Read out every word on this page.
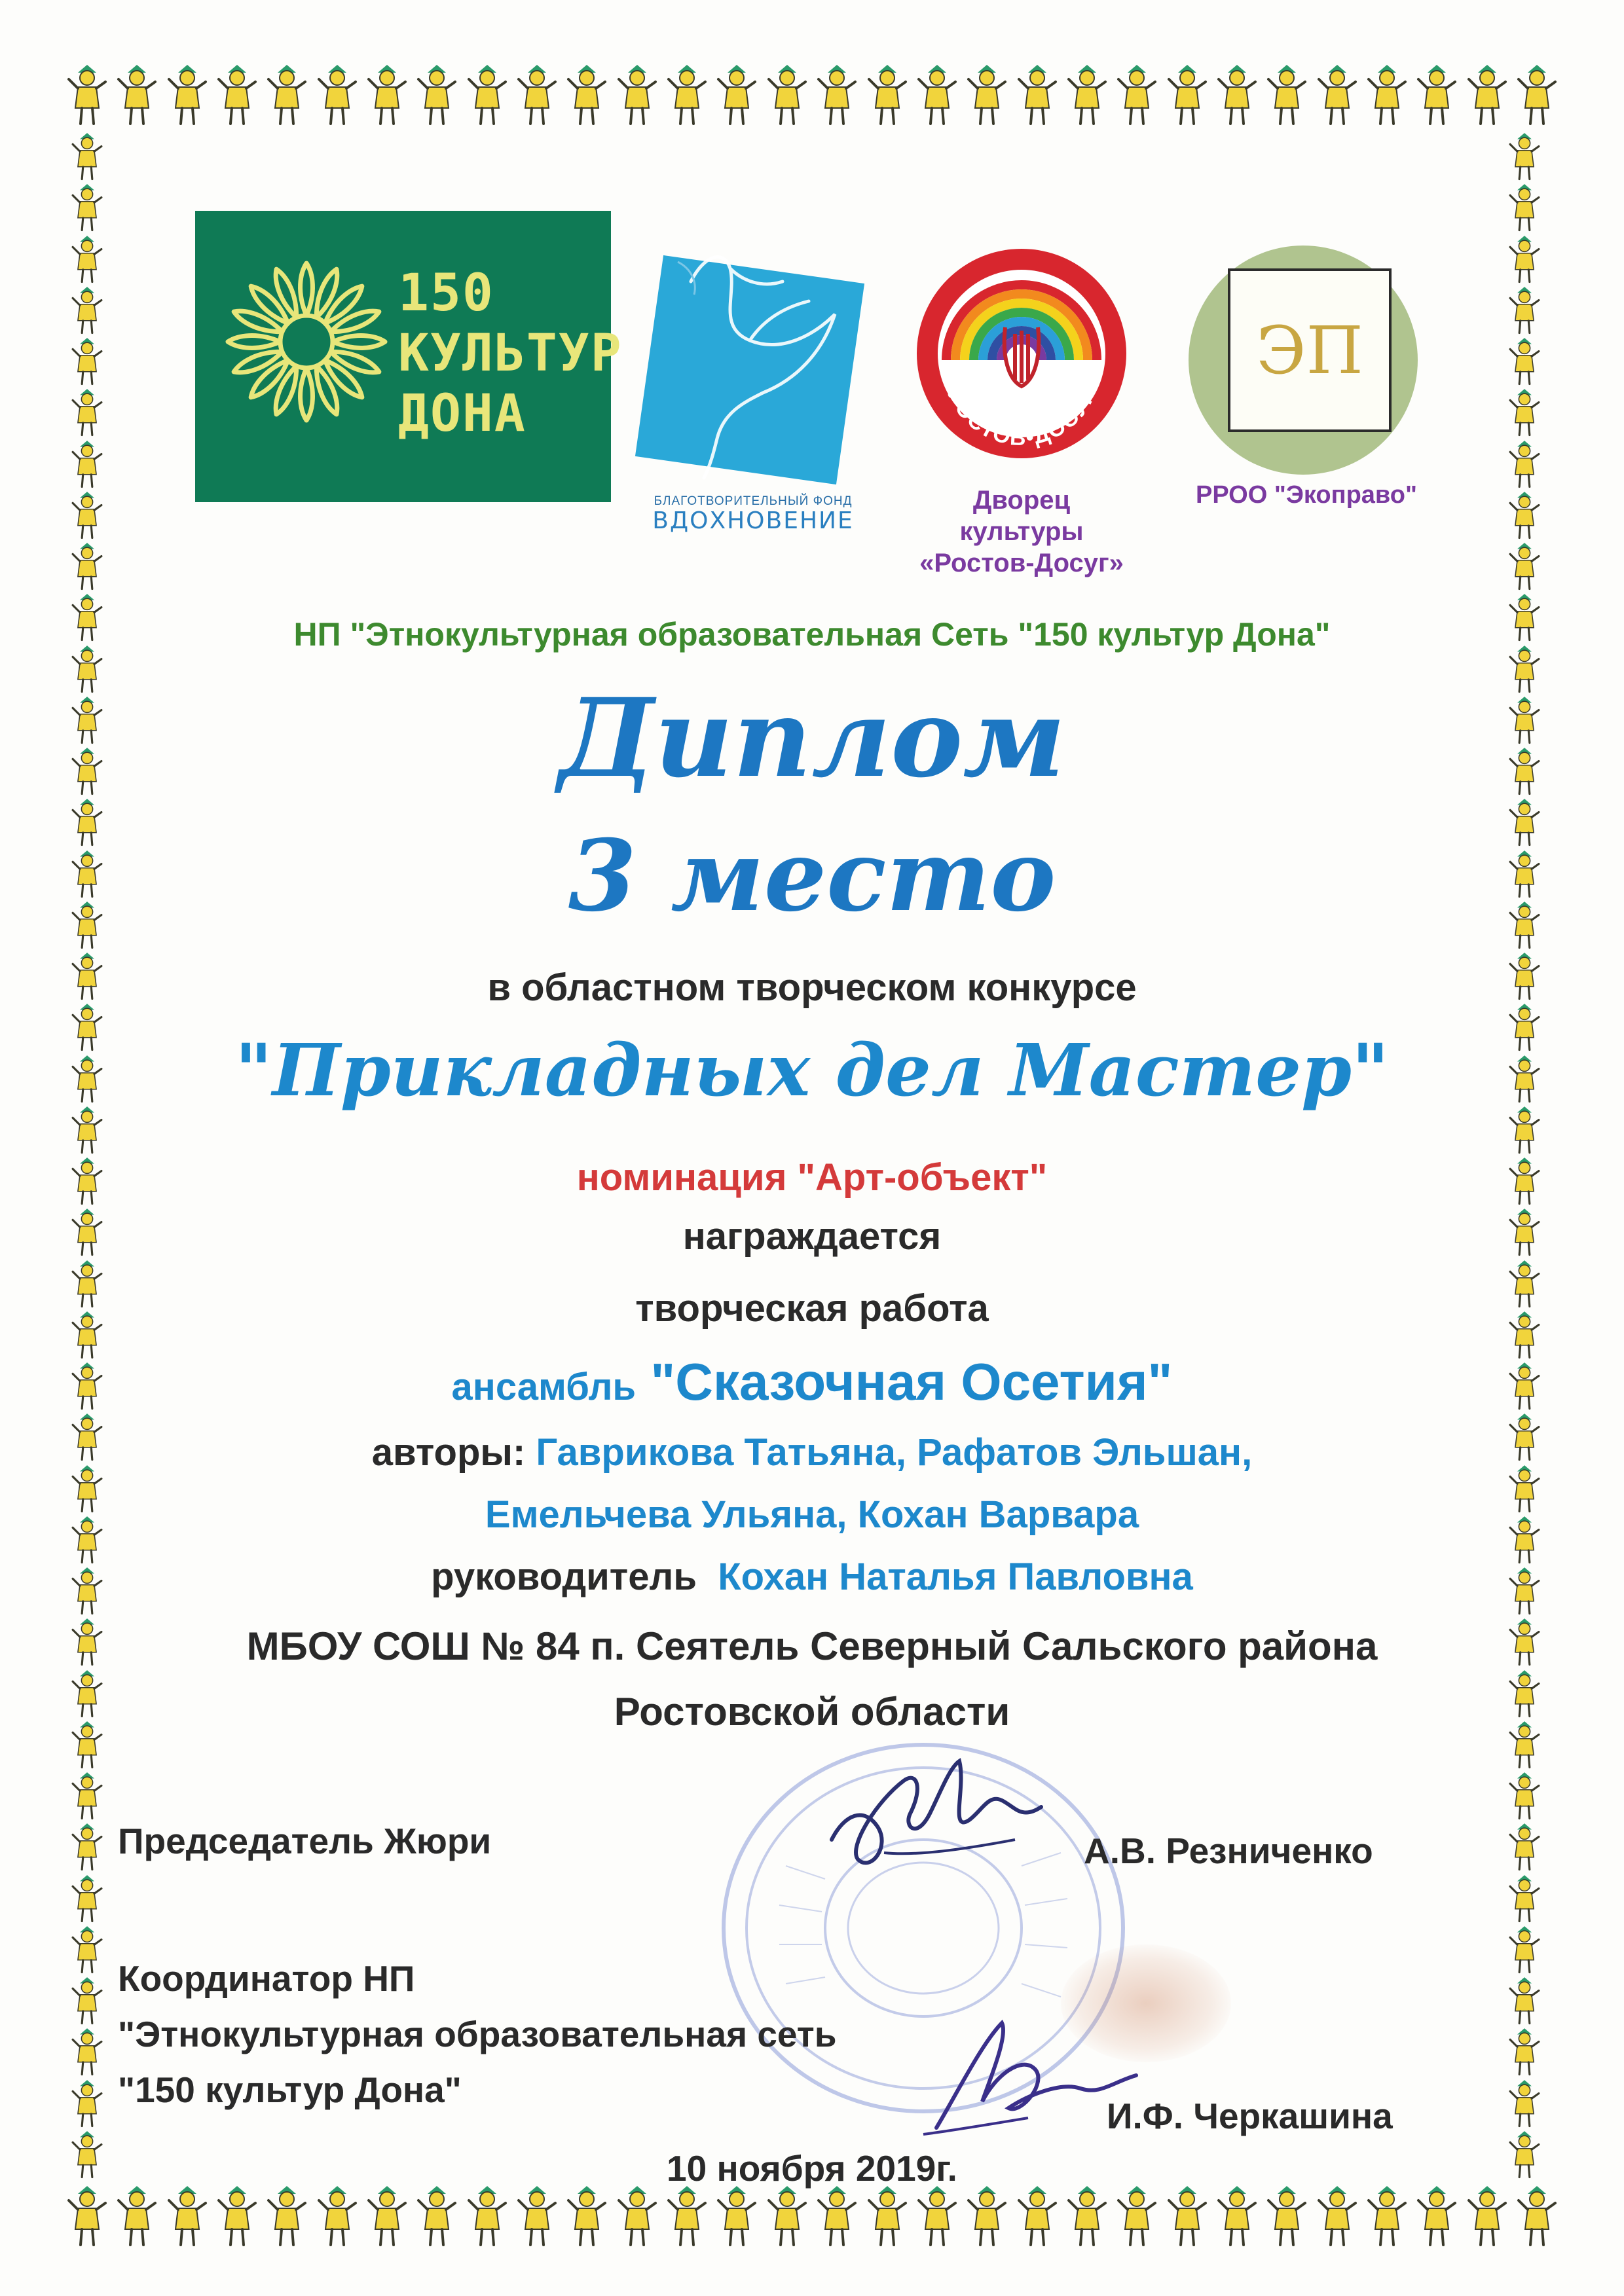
150
КУЛЬТУР
ДОНА
БЛАГОТВОРИТЕЛЬНЫЙ ФОНД
ВДОХНОВЕНИЕ
РОСТОВ•ДОСУГ
Дворец
культуры
«Ростов-Досуг»
ЭП
РРОО "Экоправо"
НП "Этнокультурная образовательная Сеть "150 культур Дона"
Диплом
3 место
в областном творческом конкурсе
"Прикладных дел Мастер"
номинация "Арт-объект"
награждается
творческая работа
ансамбль "Сказочная Осетия"
авторы: Гаврикова Татьяна, Рафатов Эльшан,
Емельчева Ульяна, Кохан Варвара
руководитель Кохан Наталья Павловна
МБОУ СОШ № 84 п. Сеятель Северный Сальского района
Ростовской области
Председатель Жюри	А.В. Резниченко
Координатор НП
"Этнокультурная образовательная сеть
"150 культур Дона"
И.Ф. Черкашина
10 ноября 2019г.
